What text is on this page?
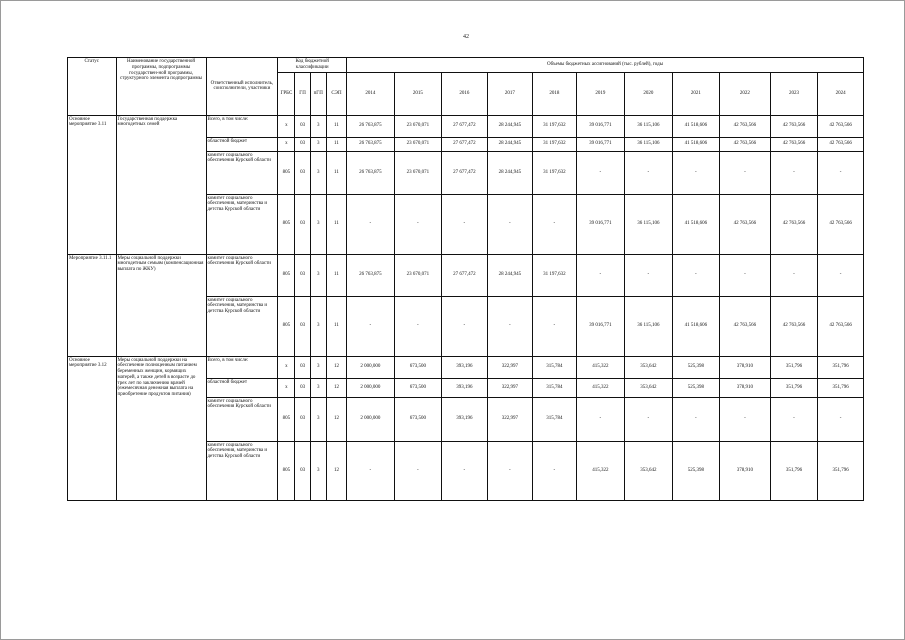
42
Статус	Наименование государственной программы, подпрограммы государствен-ной программы, структурного элемента подпрограммы	Ответственный исполнитель, соисполнители, участники	Код бюджетной классификации				Объемы бюджетных ассигнований (тыс. рублей), годы										
			ГРБС	ГП	пГП	СЭП	2014	2015	2016	2017	2018	2019	2020	2021	2022	2023	2024
Основное мероприятие 3.11	Государственная поддержка многодетных семей	Всего, в том числе:	x	03	3	11	26 763,875	23 670,071	27 677,472	28 244,945	31 197,632	39 016,771	36 115,106	41 518,606	42 763,566	42 763,566	42 763,566
		областной бюджет	x	03	3	11	26 763,875	23 670,071	27 677,472	28 244,945	31 197,632	39 016,771	36 115,106	41 518,606	42 763,566	42 763,566	42 763,566
		комитет социального обеспечения Курской области	805	03	3	11	26 763,875	23 670,071	27 677,472	28 244,945	31 197,632	-	-	-	-	-	-
		комитет социального обеспечения, материнства и детства Курской области	805	03	3	11	-	-	-	-	-	39 016,771	36 115,106	41 518,606	42 763,566	42 763,566	42 763,566
Мероприятие 3.11.1	Меры социальной поддержки многодетным семьям (компенсационная выплата по ЖКУ)	комитет социального обеспечения Курской области	805	03	3	11	26 763,875	23 670,071	27 677,472	28 244,945	31 197,632	-	-	-	-	-	-
		комитет социального обеспечения, материнства и детства Курской области	805	03	3	11	-	-	-	-	-	39 016,771	36 115,106	41 518,606	42 763,566	42 763,566	42 763,566
Основное мероприятие 3.12	Меры социальной поддержки на обеспечение полноценным питанием беременных женщин, кормящих матерей, а также детей в возрасте до трех лет по заключению врачей (ежемесячная денежная выплата на приобретение продуктов питания)	Всего, в том числе:	x	03	3	12	2 000,000	673,500	393,196	322,997	315,784	415,322	353,642	525,398	378,910	351,796	351,796
		областной бюджет	x	03	3	12	2 000,000	673,500	393,196	322,997	315,784	415,322	353,642	525,398	378,910	351,796	351,796
		комитет социального обеспечения Курской области	805	03	3	12	2 000,000	673,500	393,196	322,997	315,784	-	-	-	-	-	-
		комитет социального обеспечения, материнства и детства Курской области	805	03	3	12	-	-	-	-	-	415,322	353,642	525,398	378,910	351,796	351,796
